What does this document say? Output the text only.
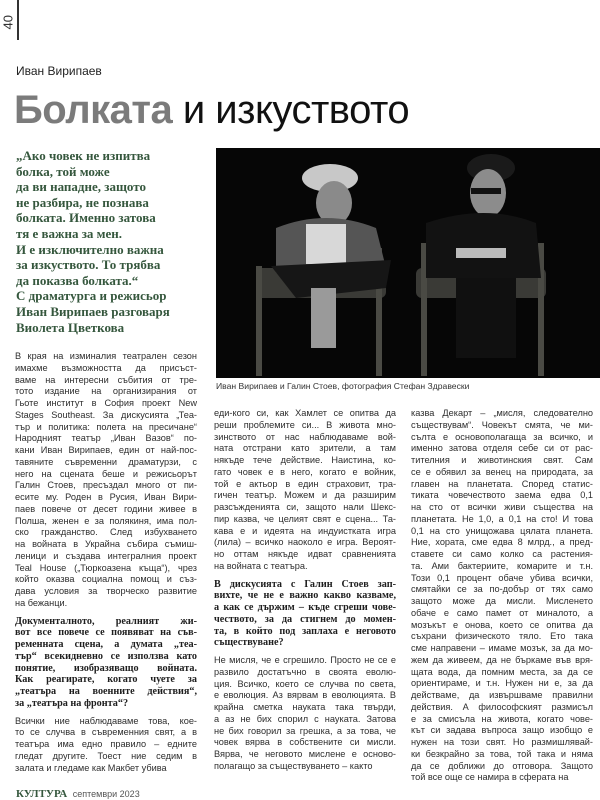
40
Иван Вирипаев
Болката и изкуството
„Ако човек не изпитва
болка, той може
да ви нападне, защото
не разбира, не познава
болката. Именно затова
тя е важна за мен.
И е изключително важна
за изкуството. То трябва
да показва болката.“
С драматурга и режисьор
Иван Вирипаев разговаря
Виолета Цветкова
Иван Вирипаев и Галин Стоев, фотография Стефан Здравески
В края на изминалия театрален сезон
имахме възможността да присъст-
ваме на интересни събития от тре-
тото издание на организирания от
Гьоте институт в София проект New
Stages Southeast. За дискусията „Теа-
тър и политика: полета на пресичане“
Народният театър „Иван Вазов“ по-
кани Иван Вирипаев, един от най-пос-
тавяните съвременни драматурзи, с
него на сцената беше и режисьорът
Галин Стоев, пресъздал много от пи-
есите му. Роден в Русия, Иван Вири-
паев повече от десет години живее в
Полша, женен е за полякиня, има пол-
ско гражданство. След избухването
на войната в Украйна събира съмиш-
леници и създава интегралния проект
Teal House („Тюркоазена къща“), чрез
който оказва социална помощ и съз-
дава условия за творческо развитие
на бежанци.
Документалното, реалният жи-
вот все повече се появяват на съв-
ременната сцена, а думата „теа-
тър“ всекидневно се използва като
понятие, изобразяващо войната.
Как реагирате, когато чуете за
„театъра на военните действия“,
за „театъра на фронта“?
Всички ние наблюдаваме това, кое-
то се случва в съвременния свят, а в
театъра има едно правило – едните
гледат другите. Тоест ние седим в
залата и гледаме как Макбет убива
еди-кого си, как Хамлет се опитва да
реши проблемите си... В живота мно-
зинството от нас наблюдаваме вой-
ната отстрани като зрители, а там
някъде тече действие. Наистина, ко-
гато човек е в него, когато е войник,
той е актьор в един страховит, тра-
гичен театър. Можем и да разширим
разсъжденията си, защото нали Шекс-
пир казва, че целият свят е сцена... Та-
кава е и идеята на индуистката игра
(лила) – всичко наоколо е игра. Вероят-
но оттам някъде идват сравненията
на войната с театъра.
В дискусията с Галин Стоев зап-
вихте, че не е важно какво казваме,
а как се държим – къде сгреши чове-
чеството, за да стигнем до момен-
та, в който под заплаха е неговото
съществуване?
Не мисля, че е сгрешило. Просто не се е
развило достатъчно в своята еволю-
ция. Всичко, което се случва по света,
е еволюция. Аз вярвам в еволюцията. В
крайна сметка науката така твърди,
а аз не бих спорил с науката. Затова
не бих говорил за грешка, а за това, че
човек вярва в собствените си мисли.
Вярва, че неговото мислене е осново-
полагащо за съществуването – както
казва Декарт – „мисля, следователно
съществувам“. Човекът смята, че ми-
сълта е основополагаща за всичко, и
именно затова отделя себе си от рас-
тителния и животинския свят. Сам
се е обявил за венец на природата, за
главен на планетата. Според статис-
тиката човечеството заема едва 0,1
на сто от всички живи същества на
планетата. Не 1,0, а 0,1 на сто! И това
0,1 на сто унищожава цялата планета.
Ние, хората, сме едва 8 млрд., а пред-
ставете си само колко са растения-
та. Ами бактериите, комарите и т.н.
Този 0,1 процент обаче убива всички,
смятайки се за по-добър от тях само
защото може да мисли. Мисленето
обаче е само памет от миналото, а
мозъкът е онова, което се опитва да
съхрани физическото тяло. Ето така
сме направени – имаме мозък, за да мо-
жем да живеем, да не бъркаме във вря-
щата вода, да помним места, за да се
ориентираме, и т.н. Нужен ни е, за да
действаме, да извършваме правилни
действия. А философският размисъл
е за смисъла на живота, когато чове-
кът си задава въпроса защо изобщо е
нужен на този свят. Но размишлявай-
ки безкрайно за това, той така и няма
да се доближи до отговора. Защото
той все още се намира в сферата на
КУЛТУРА септември 2023
